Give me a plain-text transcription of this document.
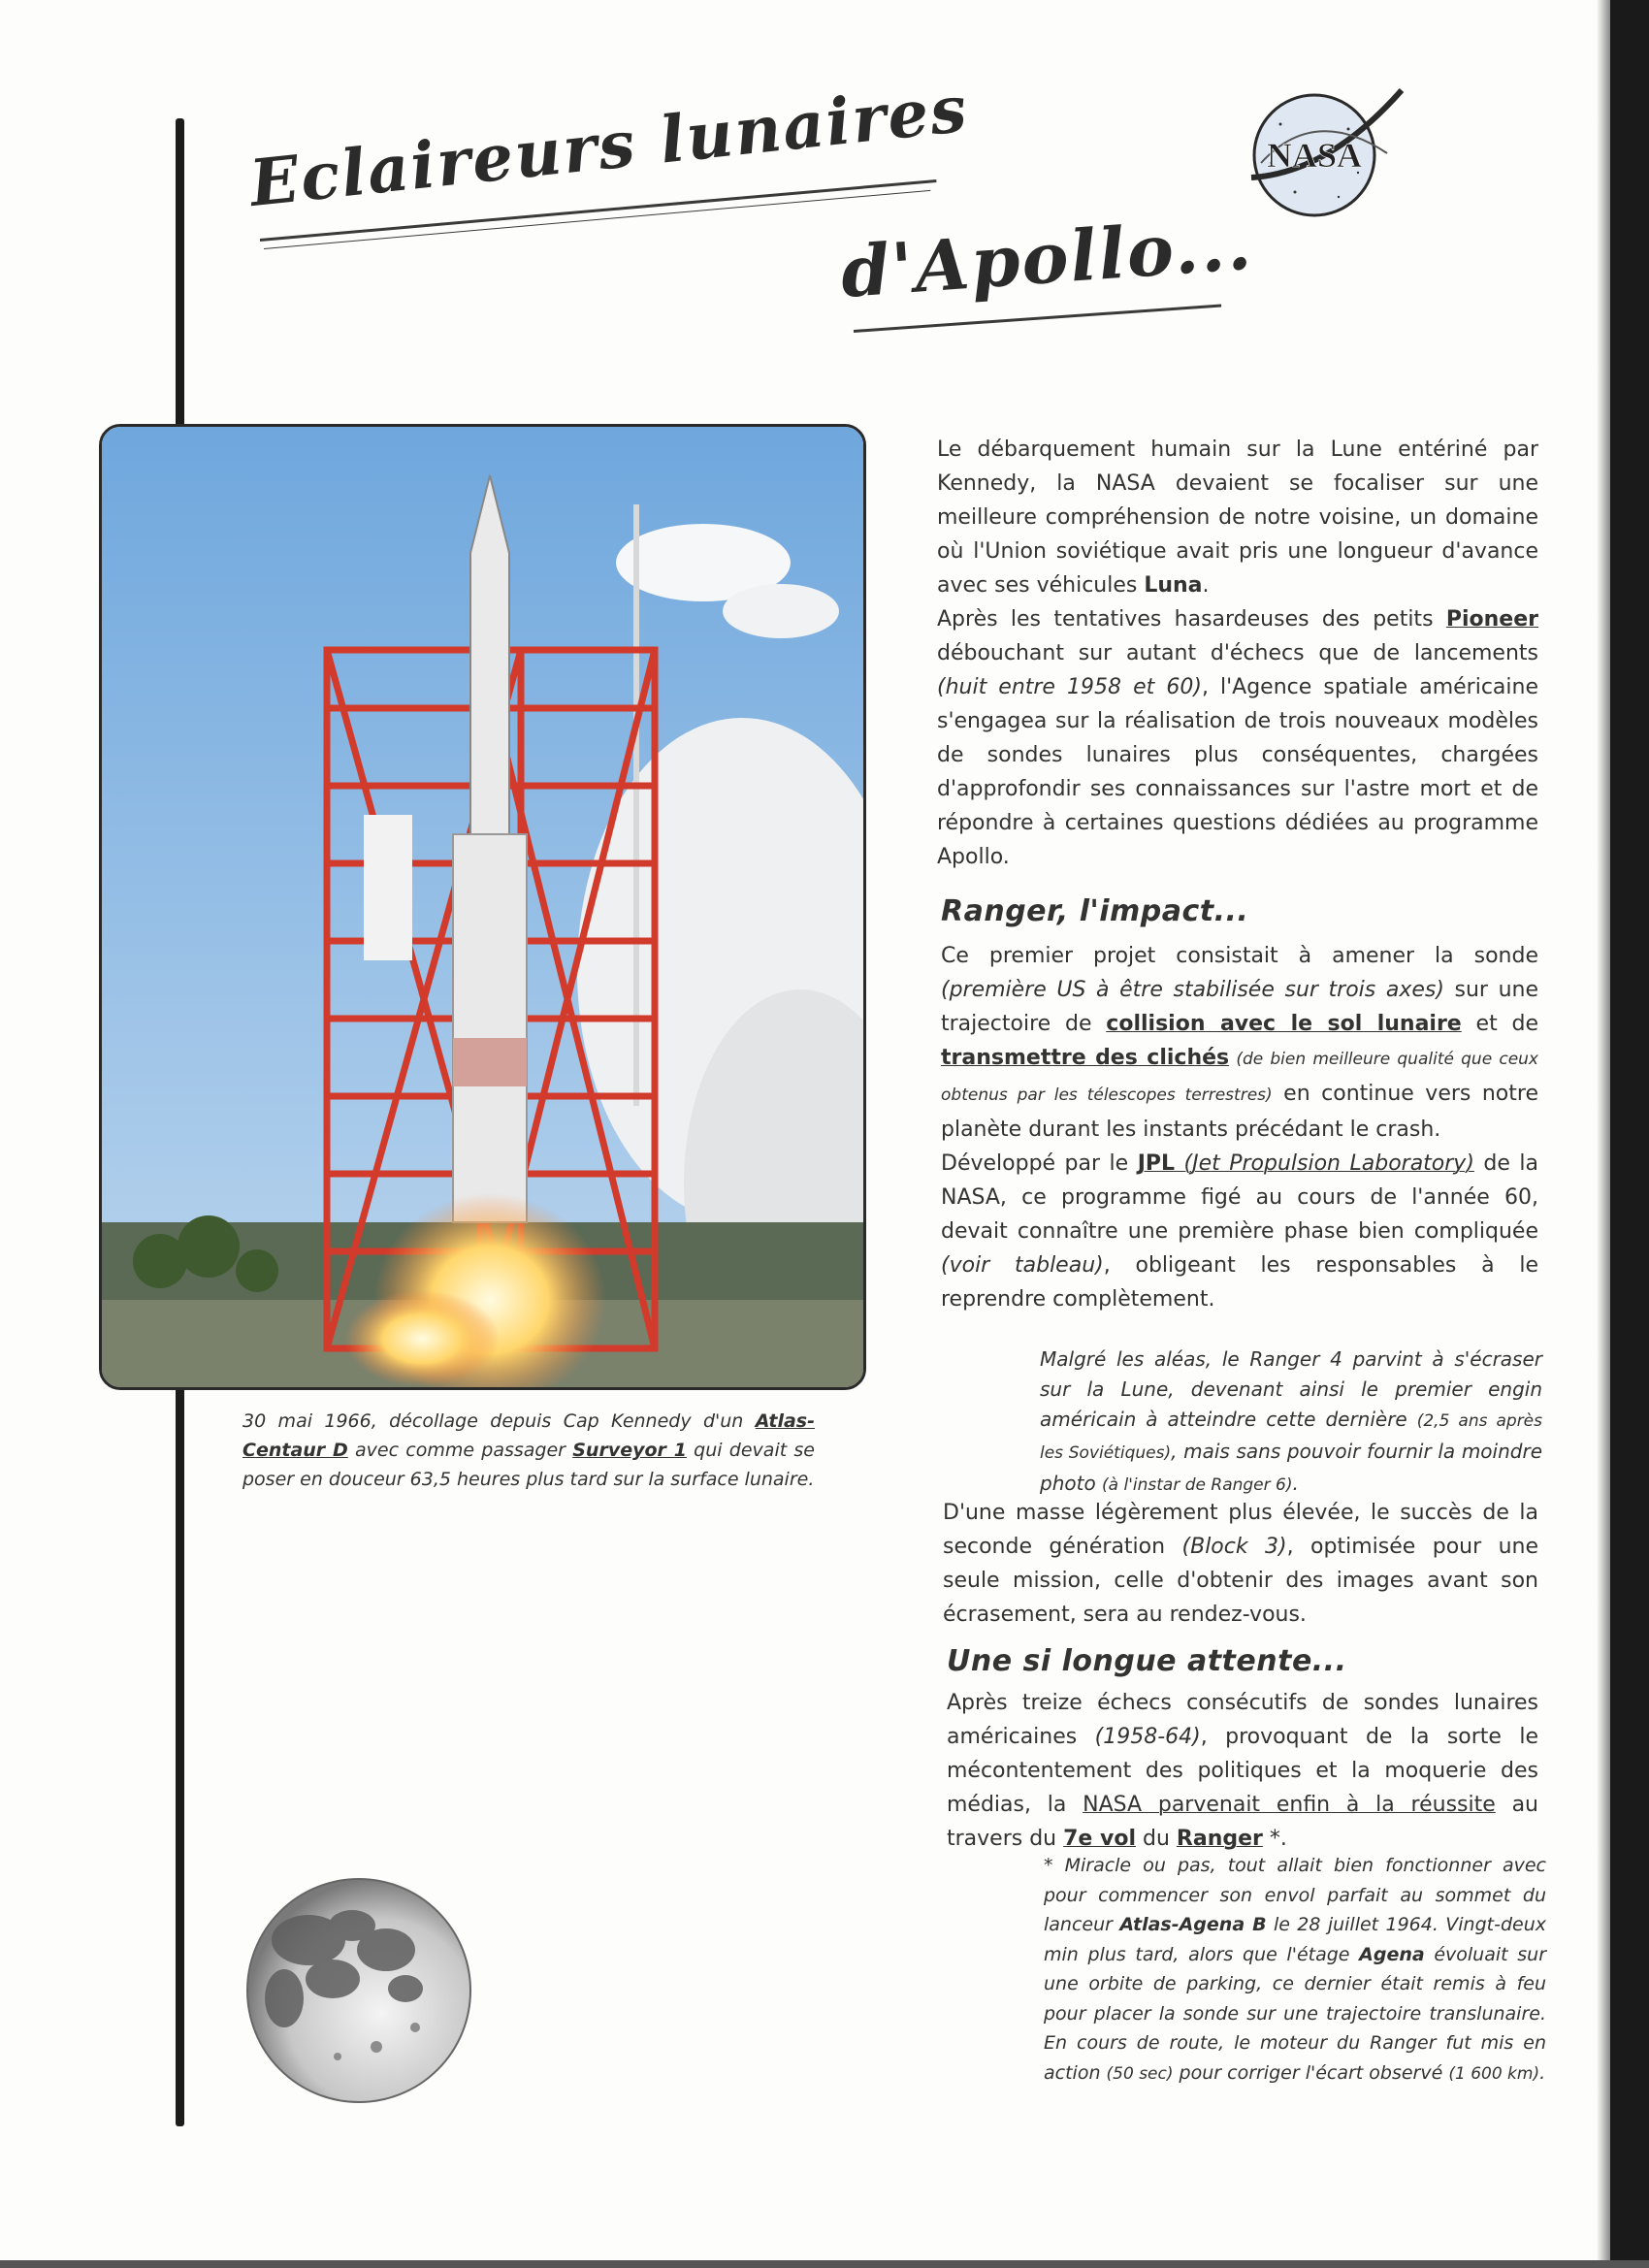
Eclaireurs lunaires
d'Apollo...
NASA

30 mai 1966, décollage depuis Cap Kennedy d'un Atlas-Centaur D avec comme passager Surveyor 1 qui devait se poser en douceur 63,5 heures plus tard sur la surface lunaire.

Le débarquement humain sur la Lune entériné par Kennedy, la NASA devaient se focaliser sur une meilleure compréhension de notre voisine, un domaine où l'Union soviétique avait pris une longueur d'avance avec ses véhicules Luna.

Après les tentatives hasardeuses des petits Pioneer débouchant sur autant d'échecs que de lancements (huit entre 1958 et 60), l'Agence spatiale américaine s'engagea sur la réalisation de trois nouveaux modèles de sondes lunaires plus conséquentes, chargées d'approfondir ses connaissances sur l'astre mort et de répondre à certaines questions dédiées au programme Apollo.

Ranger, l'impact...

Ce premier projet consistait à amener la sonde (première US à être stabilisée sur trois axes) sur une trajectoire de collision avec le sol lunaire et de transmettre des clichés (de bien meilleure qualité que ceux obtenus par les télescopes terrestres) en continue vers notre planète durant les instants précédant le crash.

Développé par le JPL (Jet Propulsion Laboratory) de la NASA, ce programme figé au cours de l'année 60, devait connaître une première phase bien compliquée (voir tableau), obligeant les responsables à le reprendre complètement.

Malgré les aléas, le Ranger 4 parvint à s'écraser sur la Lune, devenant ainsi le premier engin américain à atteindre cette dernière (2,5 ans après les Soviétiques), mais sans pouvoir fournir la moindre photo (à l'instar de Ranger 6).

D'une masse légèrement plus élevée, le succès de la seconde génération (Block 3), optimisée pour une seule mission, celle d'obtenir des images avant son écrasement, sera au rendez-vous.

Une si longue attente...

Après treize échecs consécutifs de sondes lunaires américaines (1958-64), provoquant de la sorte le mécontentement des politiques et la moquerie des médias, la NASA parvenait enfin à la réussite au travers du 7e vol du Ranger *.

* Miracle ou pas, tout allait bien fonctionner avec pour commencer son envol parfait au sommet du lanceur Atlas-Agena B le 28 juillet 1964. Vingt-deux min plus tard, alors que l'étage Agena évoluait sur une orbite de parking, ce dernier était remis à feu pour placer la sonde sur une trajectoire translunaire. En cours de route, le moteur du Ranger fut mis en action (50 sec) pour corriger l'écart observé (1 600 km).
